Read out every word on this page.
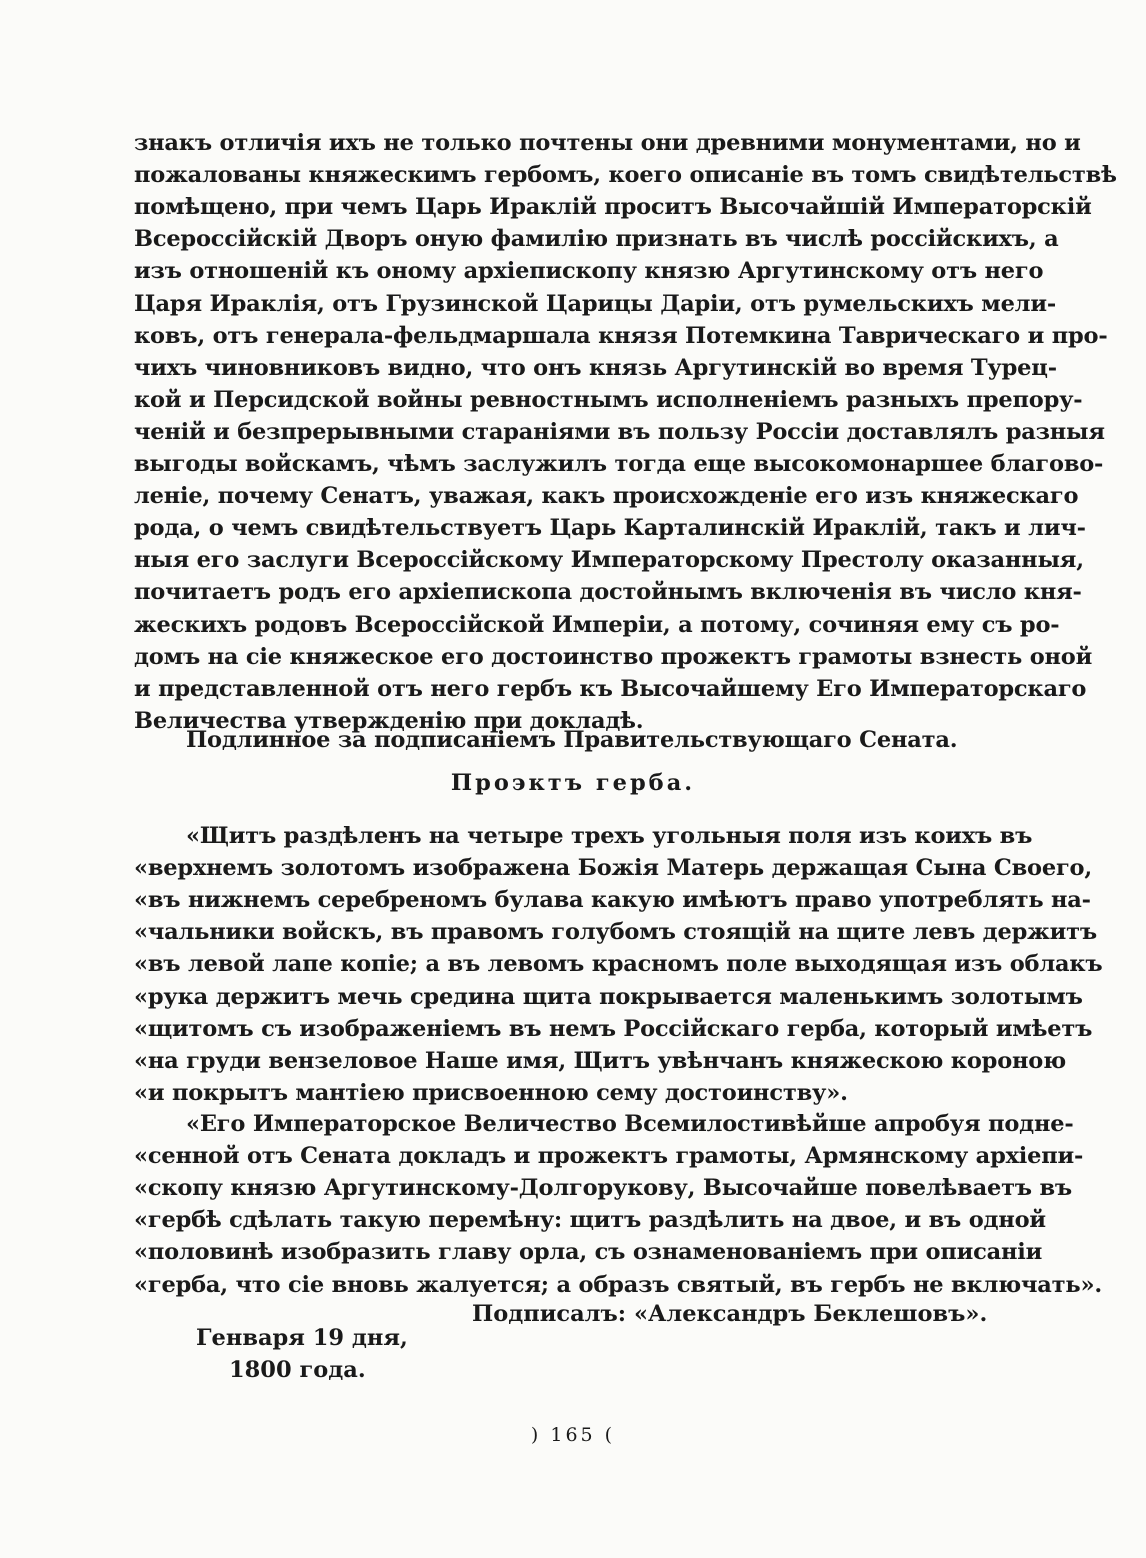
знакъ отличія ихъ не только почтены они древними монументами, но и
пожалованы княжескимъ гербомъ, коего описаніе въ томъ свидѣтельствѣ
помѣщено, при чемъ Царь Ираклій проситъ Высочайшій Императорскій
Всероссійскій Дворъ оную фамилію признать въ числѣ россійскихъ, а
изъ отношеній къ оному архіепископу князю Аргутинскому отъ него
Царя Ираклія, отъ Грузинской Царицы Даріи, отъ румельскихъ мели-
ковъ, отъ генерала-фельдмаршала князя Потемкина Таврическаго и про-
чихъ чиновниковъ видно, что онъ князь Аргутинскій во время Турец-
кой и Персидской войны ревностнымъ исполненіемъ разныхъ препору-
ченій и безпрерывными стараніями въ пользу Россіи доставлялъ разныя
выгоды войскамъ, чѣмъ заслужилъ тогда еще высокомонаршее благово-
леніе, почему Сенатъ, уважая, какъ происхожденіе его изъ княжескаго
рода, о чемъ свидѣтельствуетъ Царь Карталинскій Ираклій, такъ и лич-
ныя его заслуги Всероссійскому Императорскому Престолу оказанныя,
почитаетъ родъ его архіепископа достойнымъ включенія въ число кня-
жескихъ родовъ Всероссійской Имперіи, а потому, сочиняя ему съ ро-
домъ на сіе княжеское его достоинство прожектъ грамоты взнесть оной
и представленной отъ него гербъ къ Высочайшему Его Императорскаго
Величества утвержденію при докладѣ.
Подлинное за подписаніемъ Правительствующаго Сената.
«Щитъ раздѣленъ на четыре трехъ угольныя поля изъ коихъ въ
«верхнемъ золотомъ изображена Божія Матерь держащая Сына Своего,
«въ нижнемъ серебреномъ булава какую имѣютъ право употреблять на-
«чальники войскъ, въ правомъ голубомъ стоящій на щите левъ держитъ
«въ левой лапе копіе; а въ левомъ красномъ поле выходящая изъ облакъ
«рука держитъ мечь средина щита покрывается маленькимъ золотымъ
«щитомъ съ изображеніемъ въ немъ Россійскаго герба, который имѣетъ
«на груди вензеловое Наше имя, Щитъ увѣнчанъ княжескою короною
«и покрытъ мантіею присвоенною сему достоинству».
«Его Императорское Величество Всемилостивѣйше апробуя подне-
«сенной отъ Сената докладъ и прожектъ грамоты, Армянскому архіепи-
«скопу князю Аргутинскому-Долгорукову, Высочайше повелѣваетъ въ
«гербѣ сдѣлать такую перемѣну: щитъ раздѣлить на двое, и въ одной
«половинѣ изобразить главу орла, съ ознаменованіемъ при описаніи
«герба, что сіе вновь жалуется; а образъ святый, въ гербъ не включать».
Проэктъ герба.
Подписалъ: «Александръ Беклешовъ».
Генваря 19 дня,
1800 года.
) 165 (
